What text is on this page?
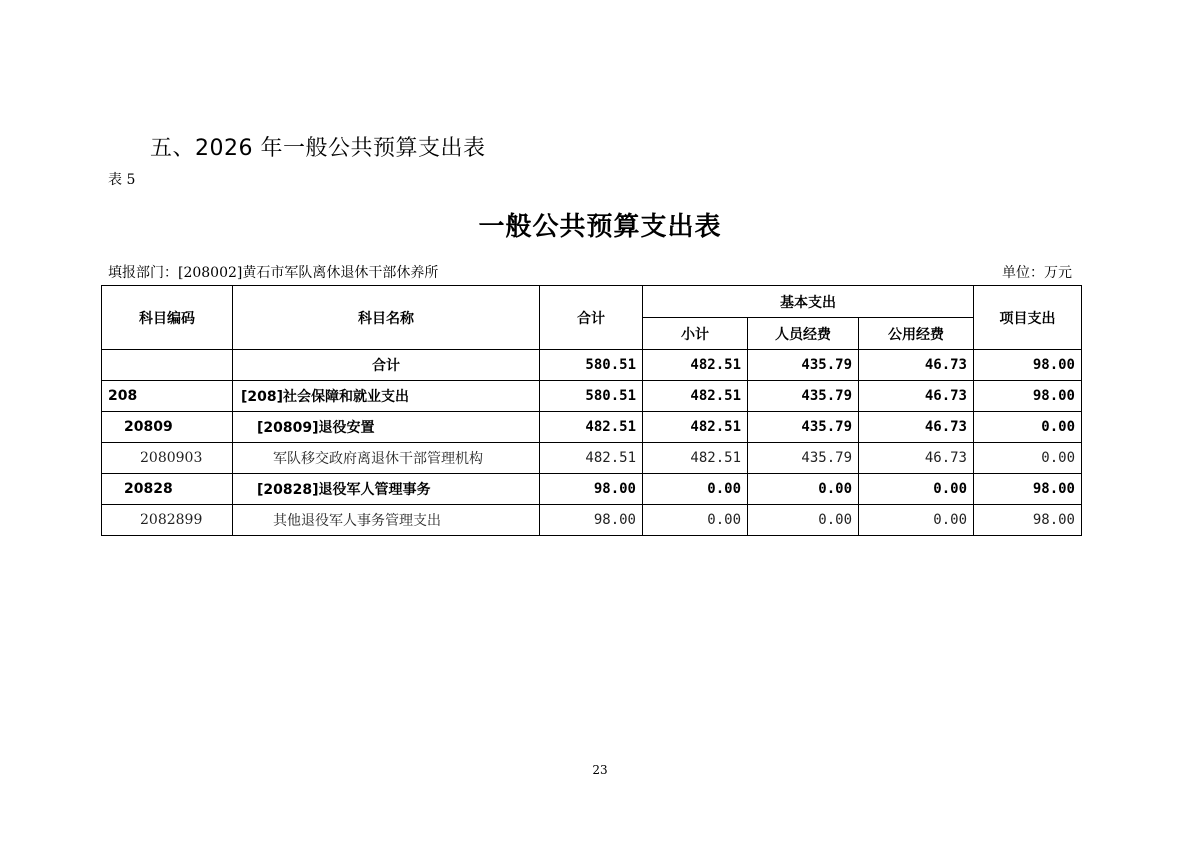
五、2026 年一般公共预算支出表
表 5
一般公共预算支出表
填报部门：[208002]黄石市军队离休退休干部休养所	单位：万元
科目编码	科目名称	合计	基本支出			项目支出
			小计	人员经费	公用经费	
	合计	580.51	482.51	435.79	46.73	98.00
208	[208]社会保障和就业支出	580.51	482.51	435.79	46.73	98.00
20809	[20809]退役安置	482.51	482.51	435.79	46.73	0.00
2080903	军队移交政府离退休干部管理机构	482.51	482.51	435.79	46.73	0.00
20828	[20828]退役军人管理事务	98.00	0.00	0.00	0.00	98.00
2082899	其他退役军人事务管理支出	98.00	0.00	0.00	0.00	98.00
23
